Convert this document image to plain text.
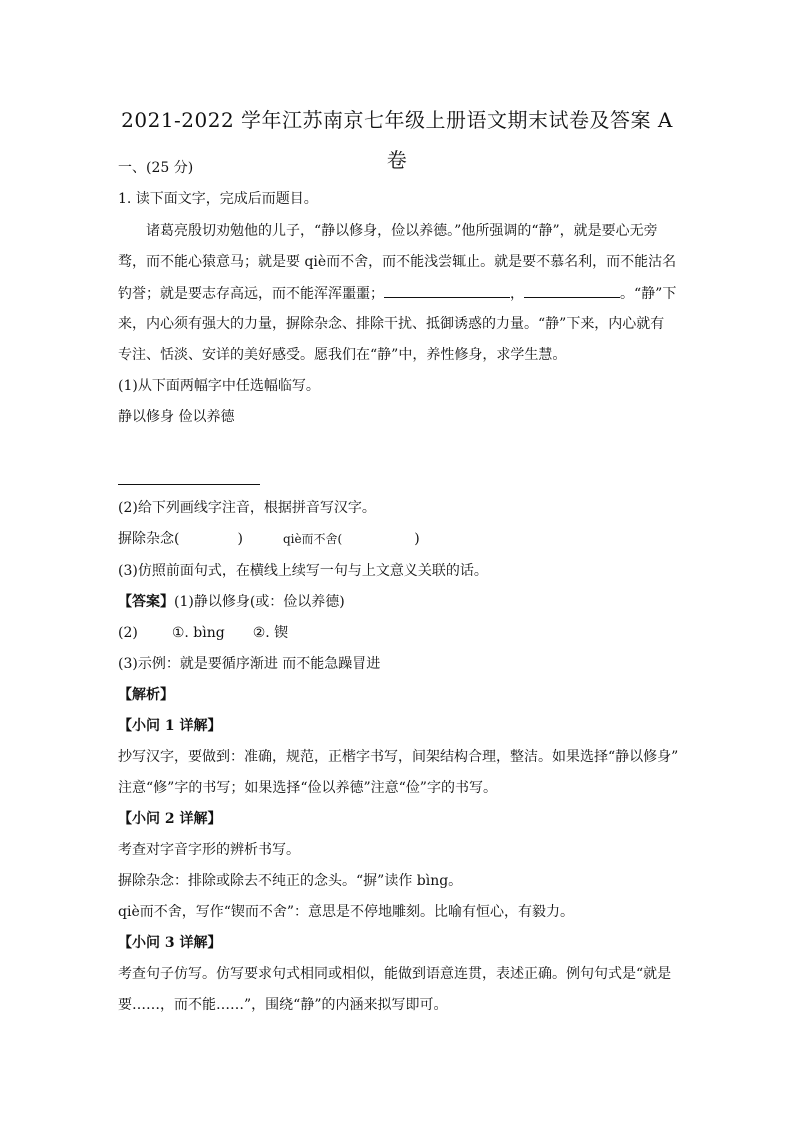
2021-2022 学年江苏南京七年级上册语文期末试卷及答案 A
卷
一、(25 分)
1. 读下面文字，完成后而题目。
诸葛亮殷切劝勉他的儿子，“静以修身，俭以养德。”他所强调的“静”，就是要心无旁
骛，而不能心猿意马；就是要 qiè而不舍，而不能浅尝辄止。就是要不慕名利，而不能沽名
钓誉；就是要志存高远，而不能浑浑噩噩；	，	。“静”下
来，内心须有强大的力量，摒除杂念、排除干扰、抵御诱惑的力量。“静”下来，内心就有
专注、恬淡、安详的美好感受。愿我们在“静”中，养性修身，求学生慧。
(1)从下面两幅字中任选幅临写。
静以修身 俭以养德
(2)给下列画线字注音，根据拼音写汉字。
摒除杂念(	)	qiè而不舍(	)
(3)仿照前面句式，在横线上续写一句与上文意义关联的话。
【答案】(1)静以修身(或：俭以养德)
(2) ①. bìng ②. 锲
(3)示例：就是要循序渐进 而不能急躁冒进
【解析】
【小问 1 详解】
抄写汉字，要做到：准确，规范，正楷字书写，间架结构合理，整洁。如果选择“静以修身”
注意“修”字的书写；如果选择“俭以养德”注意“俭”字的书写。
【小问 2 详解】
考查对字音字形的辨析书写。
摒除杂念：排除或除去不纯正的念头。“摒”读作 bìng。
qiè而不舍，写作“锲而不舍”：意思是不停地雕刻。比喻有恒心，有毅力。
【小问 3 详解】
考查句子仿写。仿写要求句式相同或相似，能做到语意连贯，表述正确。例句句式是“就是
要……，而不能……”，围绕“静”的内涵来拟写即可。
